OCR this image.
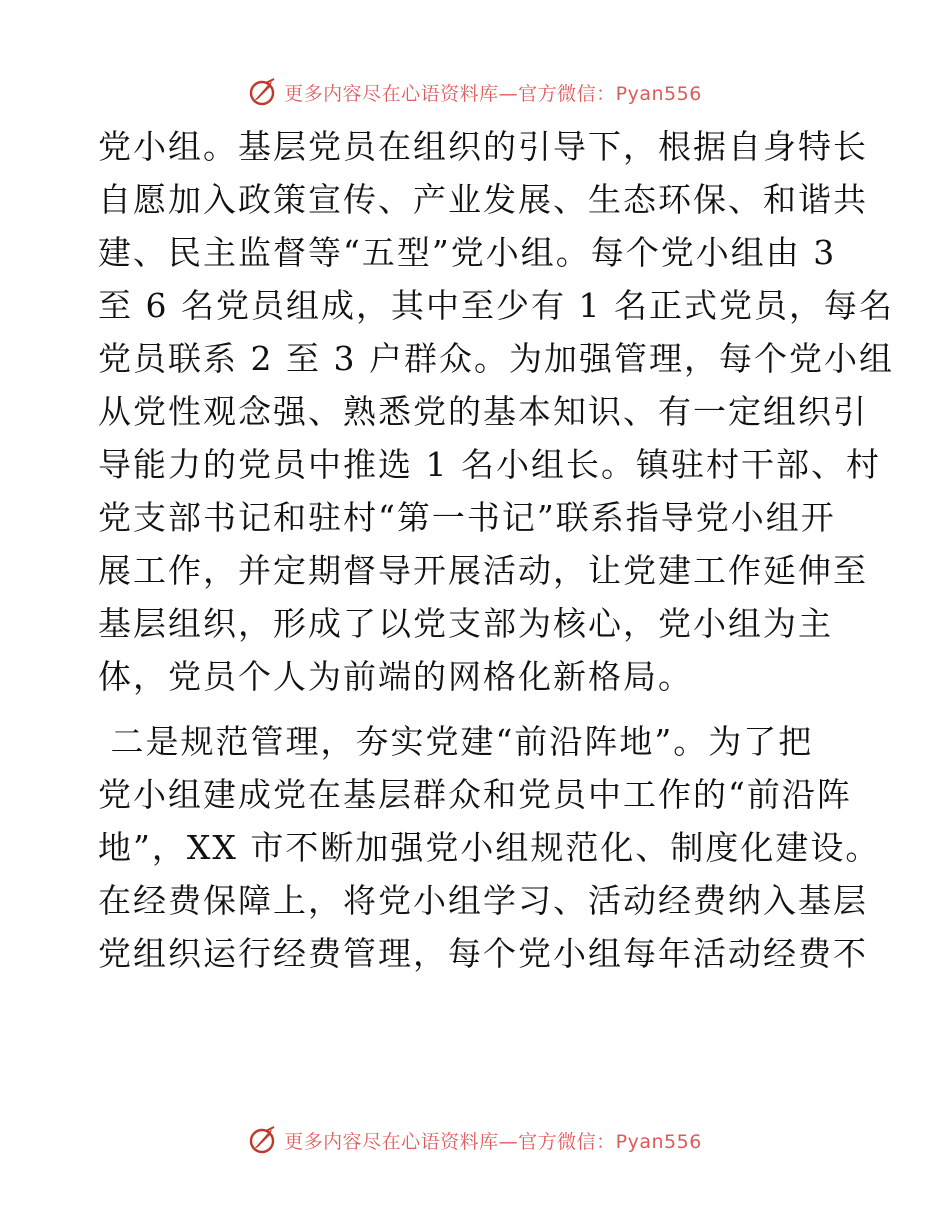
更多内容尽在心语资料库—官方微信：Pyan556

党小组。基层党员在组织的引导下，根据自身特长
自愿加入政策宣传、产业发展、生态环保、和谐共
建、民主监督等“五型”党小组。每个党小组由 3
至 6 名党员组成，其中至少有 1 名正式党员，每名
党员联系 2 至 3 户群众。为加强管理，每个党小组
从党性观念强、熟悉党的基本知识、有一定组织引
导能力的党员中推选 1 名小组长。镇驻村干部、村
党支部书记和驻村“第一书记”联系指导党小组开
展工作，并定期督导开展活动，让党建工作延伸至
基层组织，形成了以党支部为核心，党小组为主
体，党员个人为前端的网格化新格局。

二是规范管理，夯实党建“前沿阵地”。为了把
党小组建成党在基层群众和党员中工作的“前沿阵
地”，XX 市不断加强党小组规范化、制度化建设。
在经费保障上，将党小组学习、活动经费纳入基层
党组织运行经费管理，每个党小组每年活动经费不

更多内容尽在心语资料库—官方微信：Pyan556
